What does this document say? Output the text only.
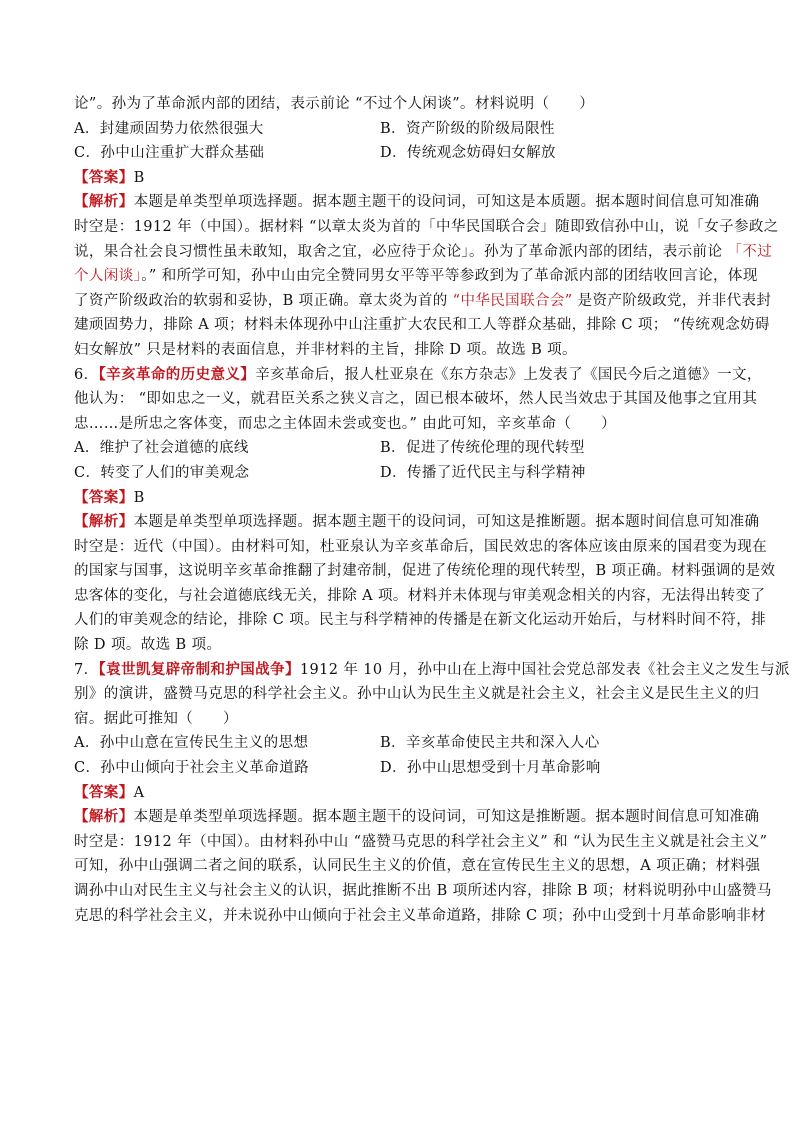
论”。孙为了革命派内部的团结，表示前论 “不过个人闲谈”。材料说明（　　）
A．封建顽固势力依然很强大	B．资产阶级的阶级局限性
C．孙中山注重扩大群众基础	D．传统观念妨碍妇女解放
【答案】B
【解析】本题是单类型单项选择题。据本题主题干的设问词，可知这是本质题。据本题时间信息可知准确
时空是：1912 年（中国）。据材料 “以章太炎为首的「中华民国联合会」随即致信孙中山，说「女子参政之
说，果合社会良习惯性虽未敢知，取舍之宜，必应待于众论」。孙为了革命派内部的团结，表示前论 「不过
个人闲谈」。” 和所学可知，孙中山由完全赞同男女平等平等参政到为了革命派内部的团结收回言论，体现
了资产阶级政治的软弱和妥协，B 项正确。章太炎为首的 “中华民国联合会” 是资产阶级政党，并非代表封
建顽固势力，排除 A 项；材料未体现孙中山注重扩大农民和工人等群众基础，排除 C 项； “传统观念妨碍
妇女解放” 只是材料的表面信息，并非材料的主旨，排除 D 项。故选 B 项。
6．【辛亥革命的历史意义】辛亥革命后，报人杜亚泉在《东方杂志》上发表了《国民今后之道德》一文，
他认为： “即如忠之一义，就君臣关系之狭义言之，固已根本破坏，然人民当效忠于其国及他事之宜用其
忠……是所忠之客体变，而忠之主体固未尝或变也。” 由此可知，辛亥革命（　　）
A．维护了社会道德的底线	B．促进了传统伦理的现代转型
C．转变了人们的审美观念	D．传播了近代民主与科学精神
【答案】B
【解析】本题是单类型单项选择题。据本题主题干的设问词，可知这是推断题。据本题时间信息可知准确
时空是：近代（中国）。由材料可知，杜亚泉认为辛亥革命后，国民效忠的客体应该由原来的国君变为现在
的国家与国事，这说明辛亥革命推翻了封建帝制，促进了传统伦理的现代转型，B 项正确。材料强调的是效
忠客体的变化，与社会道德底线无关，排除 A 项。材料并未体现与审美观念相关的内容，无法得出转变了
人们的审美观念的结论，排除 C 项。民主与科学精神的传播是在新文化运动开始后，与材料时间不符，排
除 D 项。故选 B 项。
7．【袁世凯复辟帝制和护国战争】1912 年 10 月，孙中山在上海中国社会党总部发表《社会主义之发生与派
别》的演讲，盛赞马克思的科学社会主义。孙中山认为民生主义就是社会主义，社会主义是民生主义的归
宿。据此可推知（　　）
A．孙中山意在宣传民生主义的思想	B．辛亥革命使民主共和深入人心
C．孙中山倾向于社会主义革命道路	D．孙中山思想受到十月革命影响
【答案】A
【解析】本题是单类型单项选择题。据本题主题干的设问词，可知这是推断题。据本题时间信息可知准确
时空是：1912 年（中国）。由材料孙中山 “盛赞马克思的科学社会主义” 和 “认为民生主义就是社会主义”
可知，孙中山强调二者之间的联系，认同民生主义的价值，意在宣传民生主义的思想，A 项正确；材料强
调孙中山对民生主义与社会主义的认识，据此推断不出 B 项所述内容，排除 B 项；材料说明孙中山盛赞马
克思的科学社会主义，并未说孙中山倾向于社会主义革命道路，排除 C 项；孙中山受到十月革命影响非材
